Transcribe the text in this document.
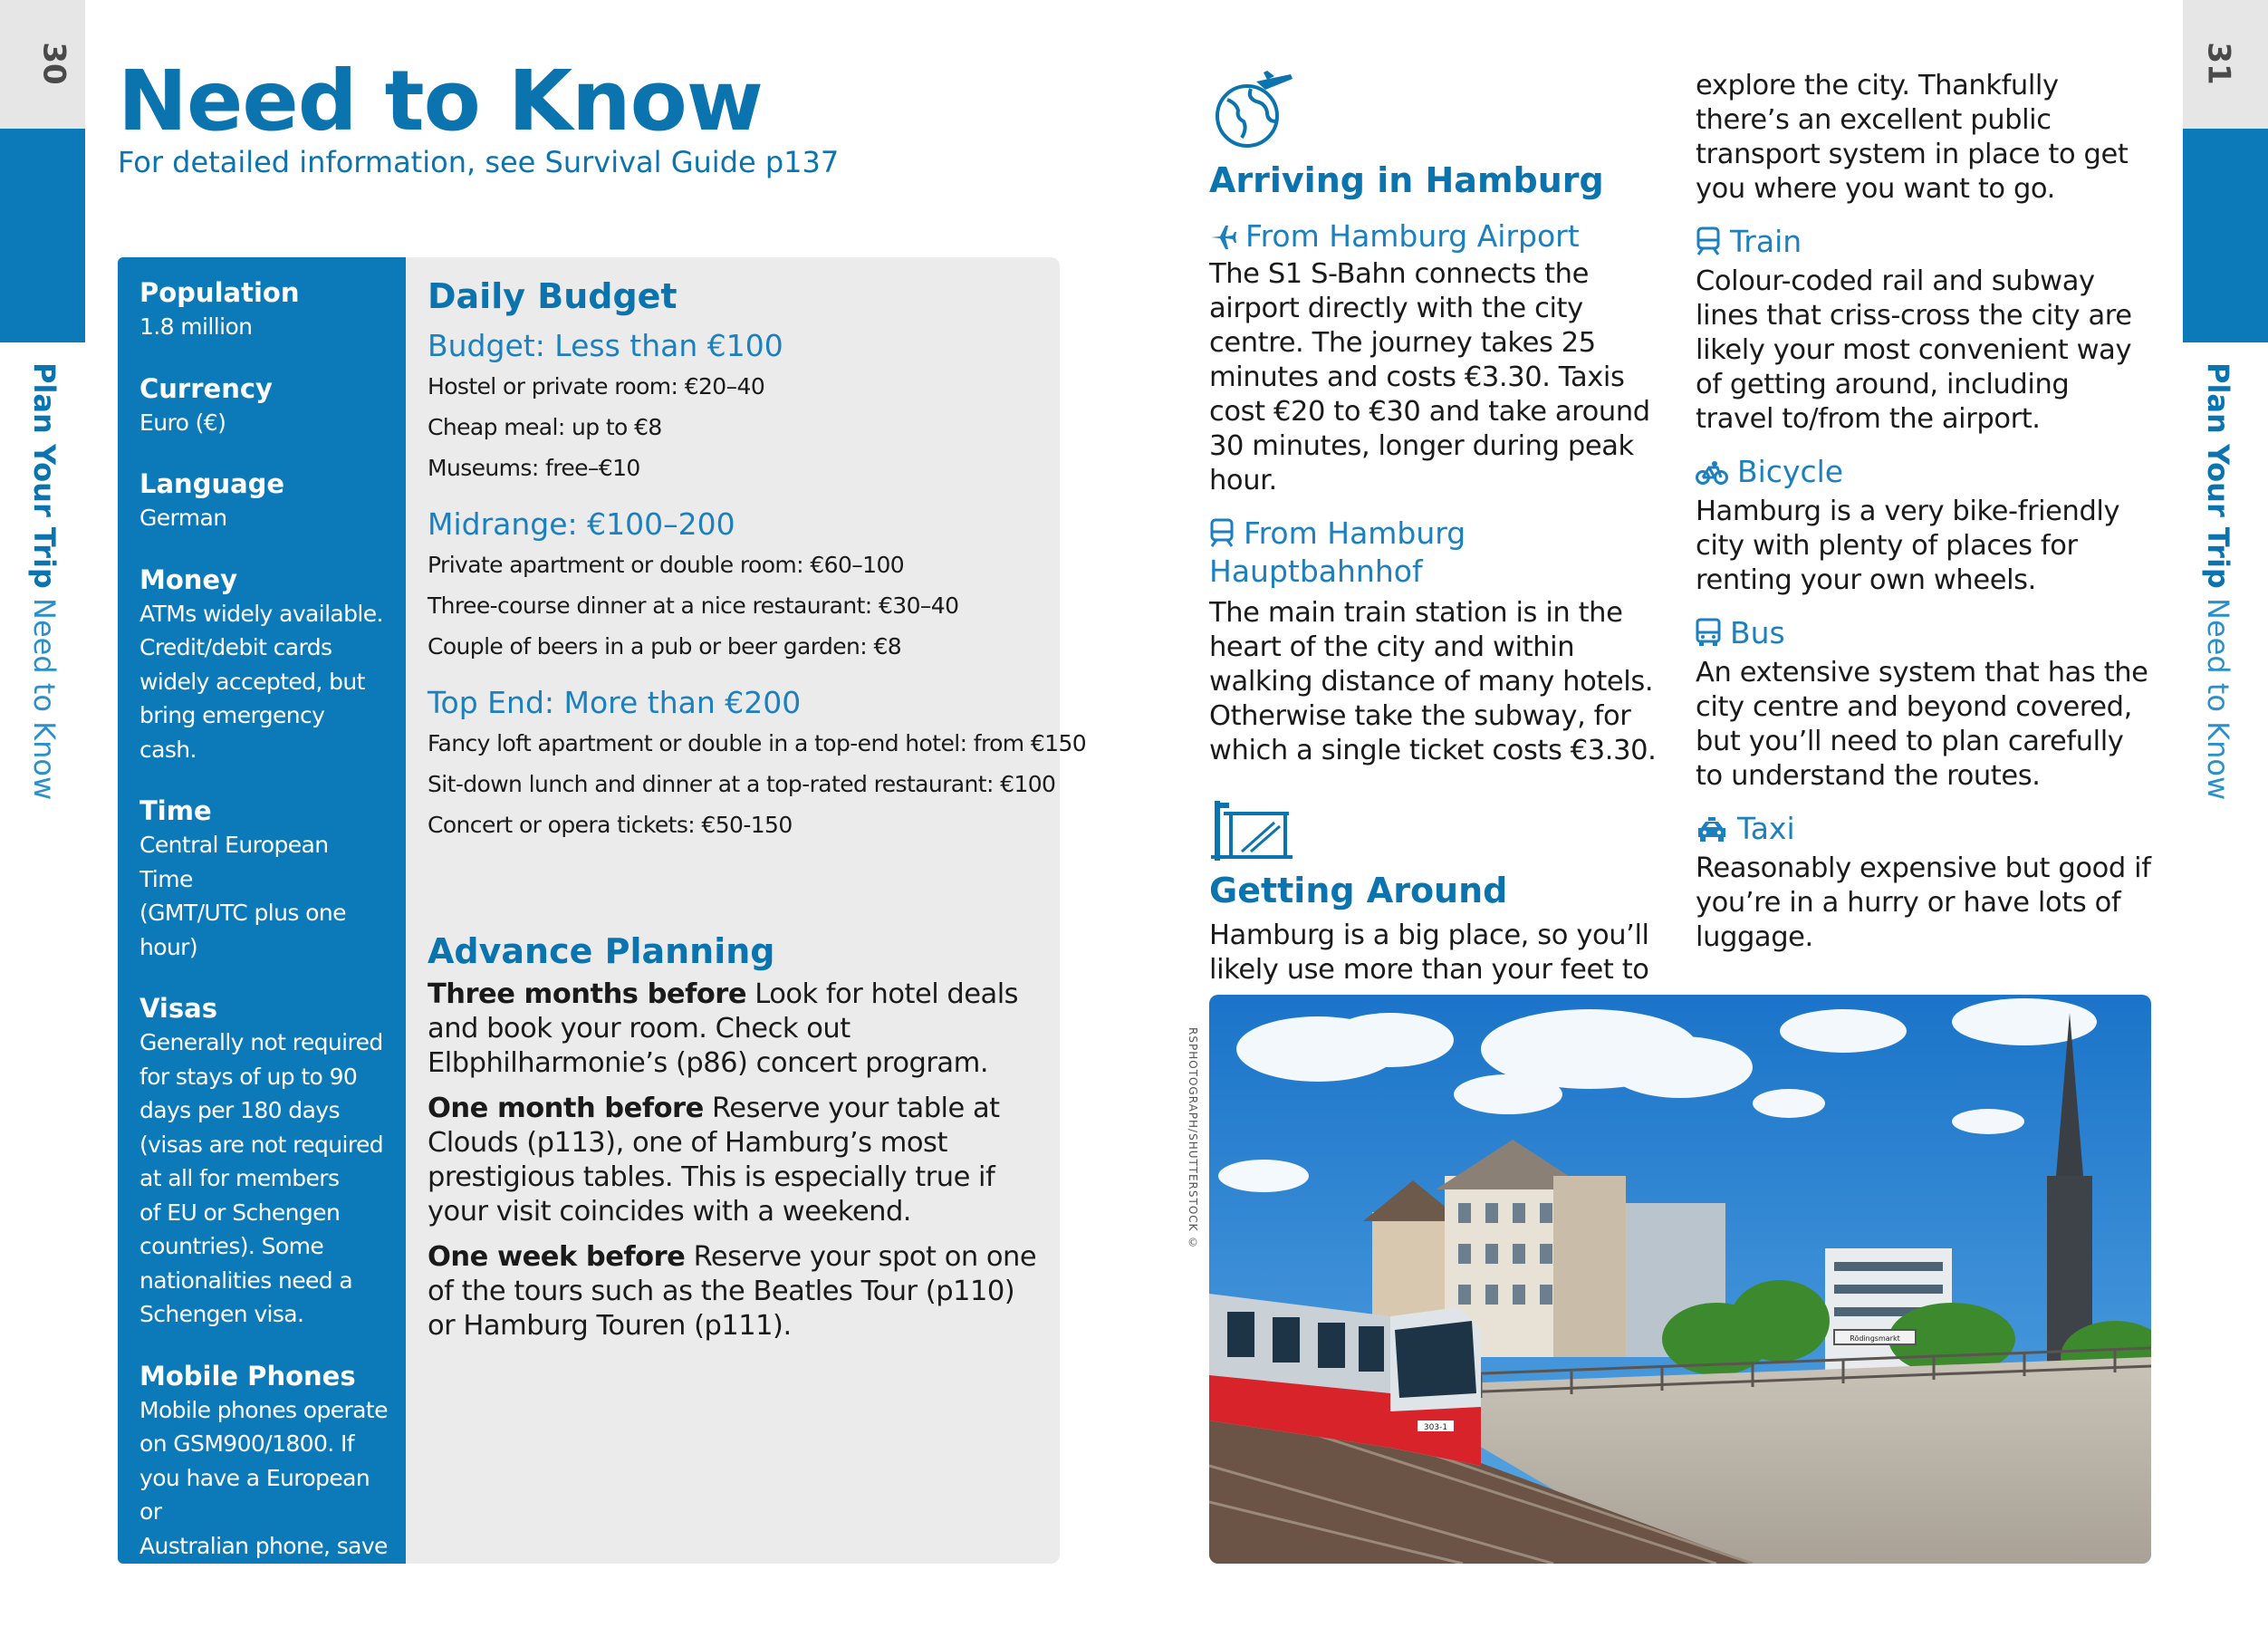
30
Plan Your Trip Need to Know
31
Plan Your Trip Need to Know
Need to Know
For detailed information, see Survival Guide p137
Population
1.8 million
Currency
Euro (€)
Language
German
Money
ATMs widely available.
Credit/debit cards
widely accepted, but
bring emergency cash.
Time
Central European Time
(GMT/UTC plus one
hour)
Visas
Generally not required
for stays of up to 90
days per 180 days
(visas are not required
at all for members
of EU or Schengen
countries). Some
nationalities need a
Schengen visa.
Mobile Phones
Mobile phones operate
on GSM900/1800. If
you have a European or
Australian phone, save
money by slipping in a
German SIM card.
Daily Budget
Budget: Less than €100
Hostel or private room: €20–40
Cheap meal: up to €8
Museums: free–€10
Midrange: €100–200
Private apartment or double room: €60–100
Three-course dinner at a nice restaurant: €30–40
Couple of beers in a pub or beer garden: €8
Top End: More than €200
Fancy loft apartment or double in a top-end hotel: from €150
Sit-down lunch and dinner at a top-rated restaurant: €100
Concert or opera tickets: €50-150
Advance Planning
Three months before Look for hotel deals and book your room. Check out Elbphilharmonie’s (p86) concert program.
One month before Reserve your table at Clouds (p113), one of Hamburg’s most prestigious tables. This is especially true if your visit coincides with a weekend.
One week before Reserve your spot on one of the tours such as the Beatles Tour (p110) or Hamburg Touren (p111).
Arriving in Hamburg
From Hamburg Airport
The S1 S-Bahn connects the airport directly with the city centre. The journey takes 25 minutes and costs €3.30. Taxis cost €20 to €30 and take around 30 minutes, longer during peak hour.
From Hamburg Hauptbahnhof
The main train station is in the heart of the city and within walking distance of many hotels. Otherwise take the subway, for which a single ticket costs €3.30.
Getting Around
Hamburg is a big place, so you’ll likely use more than your feet to
explore the city. Thankfully there’s an excellent public transport system in place to get you where you want to go.
Train
Colour-coded rail and subway lines that criss-cross the city are likely your most convenient way of getting around, including travel to/from the airport.
Bicycle
Hamburg is a very bike-friendly city with plenty of places for renting your own wheels.
Bus
An extensive system that has the city centre and beyond covered, but you’ll need to plan carefully to understand the routes.
Taxi
Reasonably expensive but good if you’re in a hurry or have lots of luggage.
RSPHOTOGRAPH/SHUTTERSTOCK ©
Rödingsmarkt
303-1
